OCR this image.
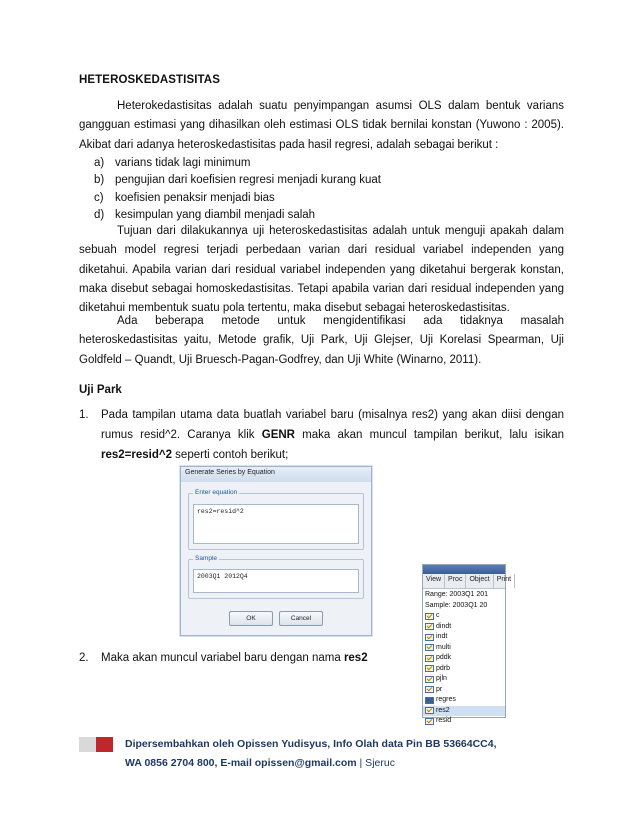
HETEROSKEDASTISITAS

Heterokedastisitas adalah suatu penyimpangan asumsi OLS dalam bentuk varians gangguan estimasi yang dihasilkan oleh estimasi OLS tidak bernilai konstan (Yuwono : 2005). Akibat dari adanya heteroskedastisitas pada hasil regresi, adalah sebagai berikut :

a) varians tidak lagi minimum
b) pengujian dari koefisien regresi menjadi kurang kuat
c) koefisien penaksir menjadi bias
d) kesimpulan yang diambil menjadi salah

Tujuan dari dilakukannya uji heteroskedastisitas adalah untuk menguji apakah dalam sebuah model regresi terjadi perbedaan varian dari residual variabel independen yang diketahui. Apabila varian dari residual variabel independen yang diketahui bergerak konstan, maka disebut sebagai homoskedastisitas. Tetapi apabila varian dari residual independen yang diketahui membentuk suatu pola tertentu, maka disebut sebagai heteroskedastisitas.

Ada beberapa metode untuk mengidentifikasi ada tidaknya masalah heteroskedastisitas yaitu, Metode grafik, Uji Park, Uji Glejser, Uji Korelasi Spearman, Uji Goldfeld – Quandt, Uji Bruesch-Pagan-Godfrey, dan Uji White (Winarno, 2011).

Uji Park
1. Pada tampilan utama data buatlah variabel baru (misalnya res2) yang akan diisi dengan rumus resid^2. Caranya klik GENR maka akan muncul tampilan berikut, lalu isikan res2=resid^2 seperti contoh berikut;
Generate Series by Equation
Enter equation
res2=resid^2
Sample
2003Q1 2012Q4
OK	Cancel
View	Proc	Object	Print
Range: 2003Q1 201
Sample: 2003Q1 20
c
dindt
indt
multi
pddk
pdrb
pjln
pr
regres
res2
resid
2. Maka akan muncul variabel baru dengan nama res2
Dipersembahkan oleh Opissen Yudisyus, Info Olah data Pin BB 53664CC4,
WA 0856 2704 800, E-mail opissen@gmail.com | Sjeruc
